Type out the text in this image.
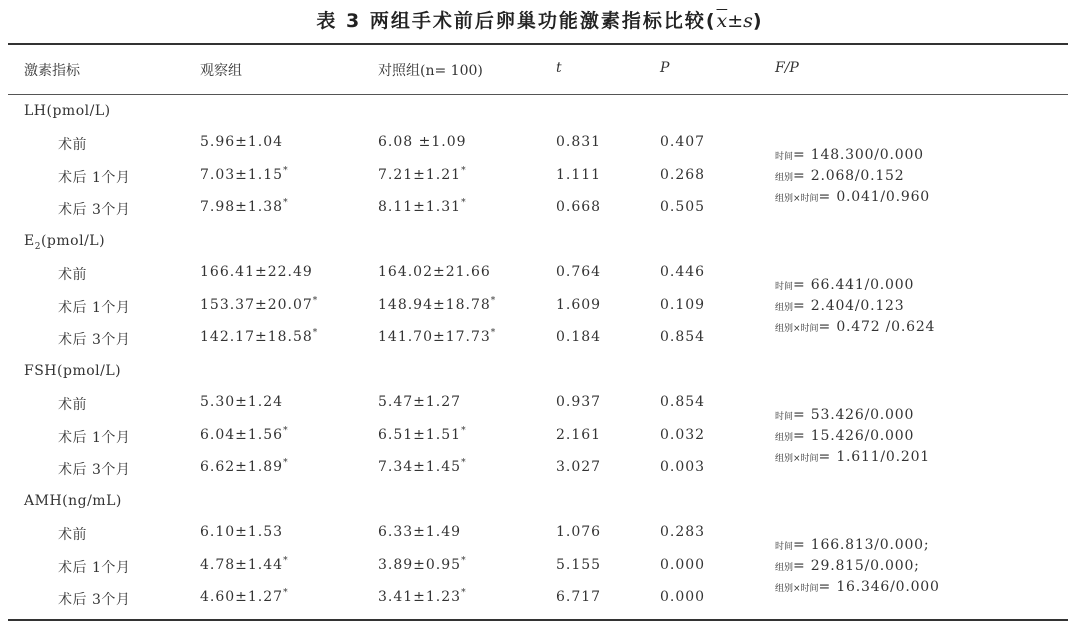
表 3 两组手术前后卵巢功能激素指标比较$(\overline{x}\pm s)$
激素指标	观察组	对照组(n= 100)	t	P	F/P
LH(pmol/L)
术前	5.96±1.04	6.08 ±1.09	0.831	0.407
术后 1个月	7.03±1.15*	7.21±1.21*	1.111	0.268
术后 3个月	7.98±1.38*	8.11±1.31*	0.668	0.505
时间= 148.300/0.000
组别= 2.068/0.152
组别×时间= 0.041/0.960
$E_2(pmol/L)$
术前	166.41±22.49	164.02±21.66	0.764	0.446
术后 1个月	153.37±20.07*	148.94±18.78*	1.609	0.109
术后 3个月	142.17±18.58*	141.70±17.73*	0.184	0.854
时间= 66.441/0.000
组别= 2.404/0.123
组别×时间= 0.472 /0.624
FSH(pmol/L)
术前	5.30±1.24	5.47±1.27	0.937	0.854
术后 1个月	6.04±1.56*	6.51±1.51*	2.161	0.032
术后 3个月	6.62±1.89*	7.34±1.45*	3.027	0.003
时间= 53.426/0.000
组别= 15.426/0.000
组别×时间= 1.611/0.201
AMH(ng/mL)
术前	6.10±1.53	6.33±1.49	1.076	0.283
术后 1个月	4.78±1.44*	3.89±0.95*	5.155	0.000
术后 3个月	4.60±1.27*	3.41±1.23*	6.717	0.000
时间= 166.813/0.000;
组别= 29.815/0.000;
组别×时间= 16.346/0.000
